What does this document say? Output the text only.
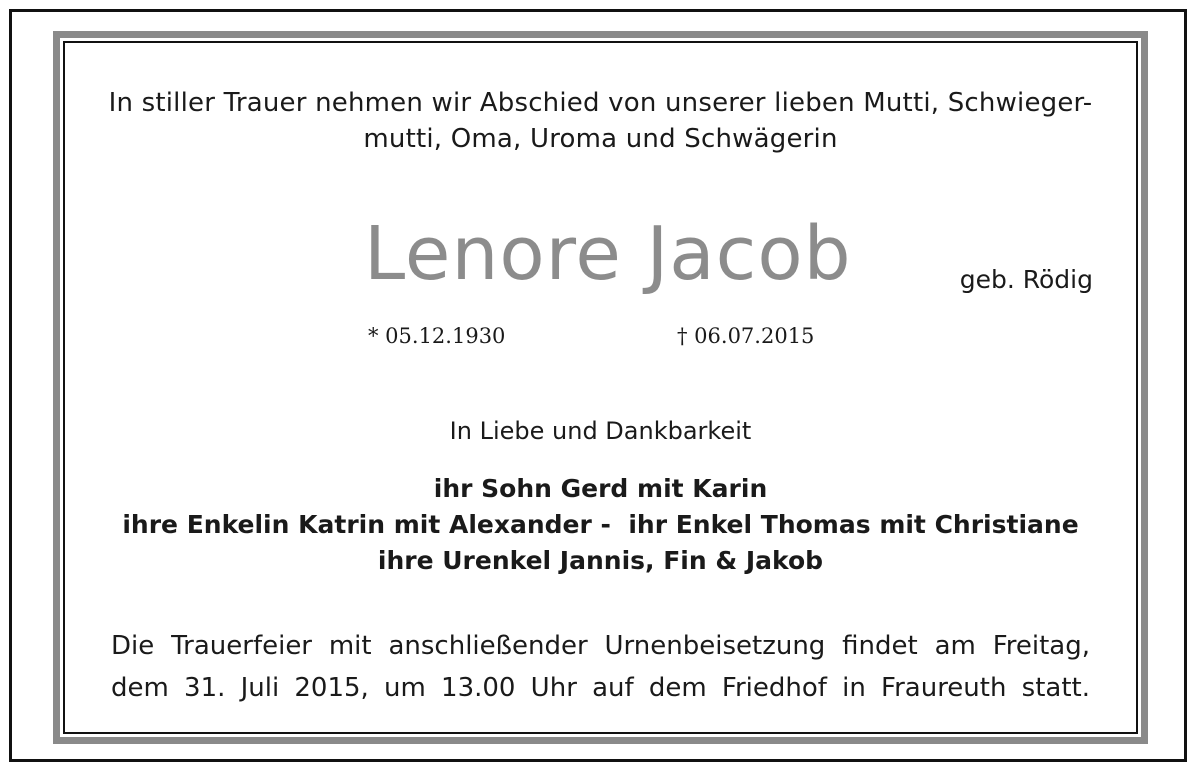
In stiller Trauer nehmen wir Abschied von unserer lieben Mutti, Schwieger-
mutti, Oma, Uroma und Schwägerin
Lenore Jacob	geb. Rödig
* 05.12.1930	† 06.07.2015
In Liebe und Dankbarkeit
ihr Sohn Gerd mit Karin
ihre Enkelin Katrin mit Alexander -  ihr Enkel Thomas mit Christiane
ihre Urenkel Jannis, Fin & Jakob
Die Trauerfeier mit anschließender Urnenbeisetzung findet am Freitag,
dem 31. Juli 2015, um 13.00 Uhr auf dem Friedhof in Fraureuth statt.
